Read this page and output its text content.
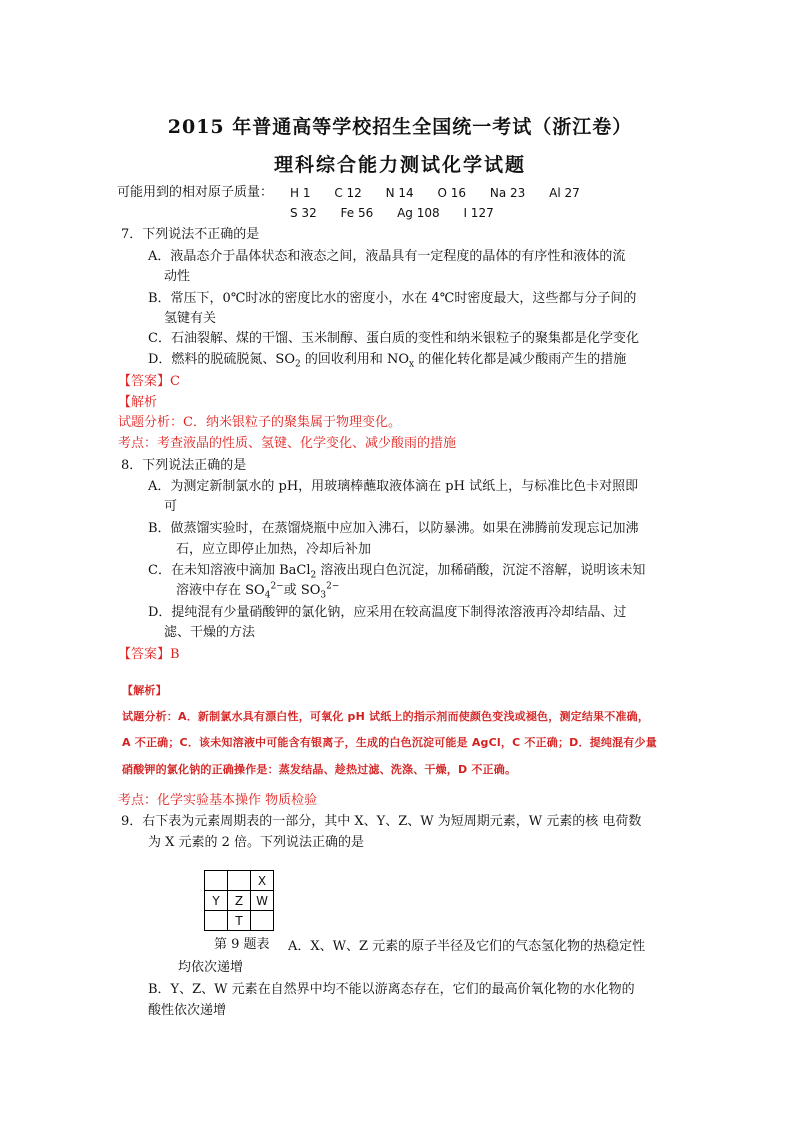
2015 年普通高等学校招生全国统一考试（浙江卷）
理科综合能力测试化学试题
可能用到的相对原子质量： H 1 C 12 N 14 O 16 Na 23 Al 27
S 32 Fe 56 Ag 108 I 127
7．下列说法不正确的是
A．液晶态介于晶体状态和液态之间，液晶具有一定程度的晶体的有序性和液体的流
动性
B．常压下，0℃时冰的密度比水的密度小，水在 4℃时密度最大，这些都与分子间的
氢键有关
C．石油裂解、煤的干馏、玉米制醇、蛋白质的变性和纳米银粒子的聚集都是化学变化
D．燃料的脱硫脱氮、$SO_2$ 的回收利用和 $NO_x$ 的催化转化都是减少酸雨产生的措施
【答案】C
【解析
试题分析：C．纳米银粒子的聚集属于物理变化。
考点：考查液晶的性质、氢键、化学变化、减少酸雨的措施
8．下列说法正确的是
A．为测定新制氯水的 pH，用玻璃棒蘸取液体滴在 pH 试纸上，与标准比色卡对照即
可
B．做蒸馏实验时，在蒸馏烧瓶中应加入沸石，以防暴沸。如果在沸腾前发现忘记加沸
石，应立即停止加热，冷却后补加
C．在未知溶液中滴加 BaCl$_2$ 溶液出现白色沉淀，加稀硝酸，沉淀不溶解，说明该未知
溶液中存在 $SO_4^{2-}$或 $SO_3^{2-}$
D．提纯混有少量硝酸钾的氯化钠，应采用在较高温度下制得浓溶液再冷却结晶、过
滤、干燥的方法
【答案】B
【解析】
试题分析：A．新制氯水具有漂白性，可氧化 pH 试纸上的指示剂而使颜色变浅或褪色，测定结果不准确，
A 不正确；C．该未知溶液中可能含有银离子，生成的白色沉淀可能是 AgCl，C 不正确；D．提纯混有少量
硝酸钾的氯化钠的正确操作是：蒸发结晶、趁热过滤、洗涤、干燥，D 不正确。
考点：化学实验基本操作 物质检验
9．右下表为元素周期表的一部分，其中 X、Y、Z、W 为短周期元素，W 元素的核 电荷数
为 X 元素的 2 倍。下列说法正确的是
		X
Y	Z	W
	T	
第 9 题表 A．X、W、Z 元素的原子半径及它们的气态氢化物的热稳定性
均依次递增
B．Y、Z、W 元素在自然界中均不能以游离态存在，它们的最高价氧化物的水化物的
酸性依次递增
